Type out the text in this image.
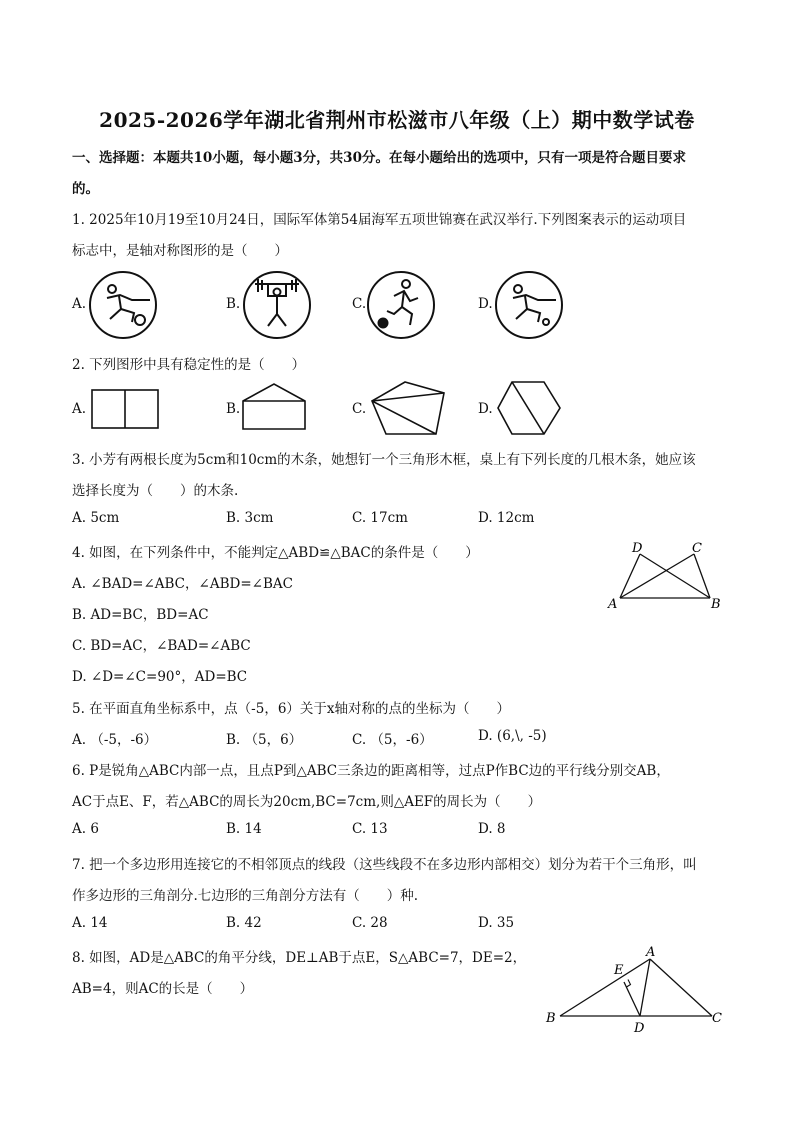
2025-2026学年湖北省荆州市松滋市八年级（上）期中数学试卷
一、选择题：本题共10小题，每小题3分，共30分。在每小题给出的选项中，只有一项是符合题目要求
的。
1. 2025年10月19至10月24日，国际军体第54届海军五项世锦赛在武汉举行.下列图案表示的运动项目
标志中，是轴对称图形的是（　　）
A.	B.	C.	D.
2. 下列图形中具有稳定性的是（　　）
A.	B.	C.	D.
3. 小芳有两根长度为5cm和10cm的木条，她想钉一个三角形木框，桌上有下列长度的几根木条，她应该
选择长度为（　　）的木条.
A. 5cm	B. 3cm	C. 17cm	D. 12cm
4. 如图，在下列条件中，不能判定△ABD≌△BAC的条件是（　　）
A. ∠BAD=∠ABC，∠ABD=∠BAC
B. AD=BC，BD=AC
C. BD=AC，∠BAD=∠ABC
D. ∠D=∠C=90°，AD=BC
D	C
A	B
5. 在平面直角坐标系中，点（-5，6）关于x轴对称的点的坐标为（　　）
A. （-5，-6）	B. （5，6）	C. （5，-6）	D. (6,\, -5)
6. P是锐角△ABC内部一点，且点P到△ABC三条边的距离相等，过点P作BC边的平行线分别交AB，
AC于点E、F，若△ABC的周长为20cm,BC=7cm,则△AEF的周长为（　　）
A. 6	B. 14	C. 13	D. 8
7. 把一个多边形用连接它的不相邻顶点的线段（这些线段不在多边形内部相交）划分为若干个三角形，叫
作多边形的三角剖分.七边形的三角剖分方法有（　　）种.
A. 14	B. 42	C. 28	D. 35
8. 如图，AD是△ABC的角平分线，DE⊥AB于点E，S△ABC=7，DE=2，
AB=4，则AC的长是（　　）
A
E
B
D
C
